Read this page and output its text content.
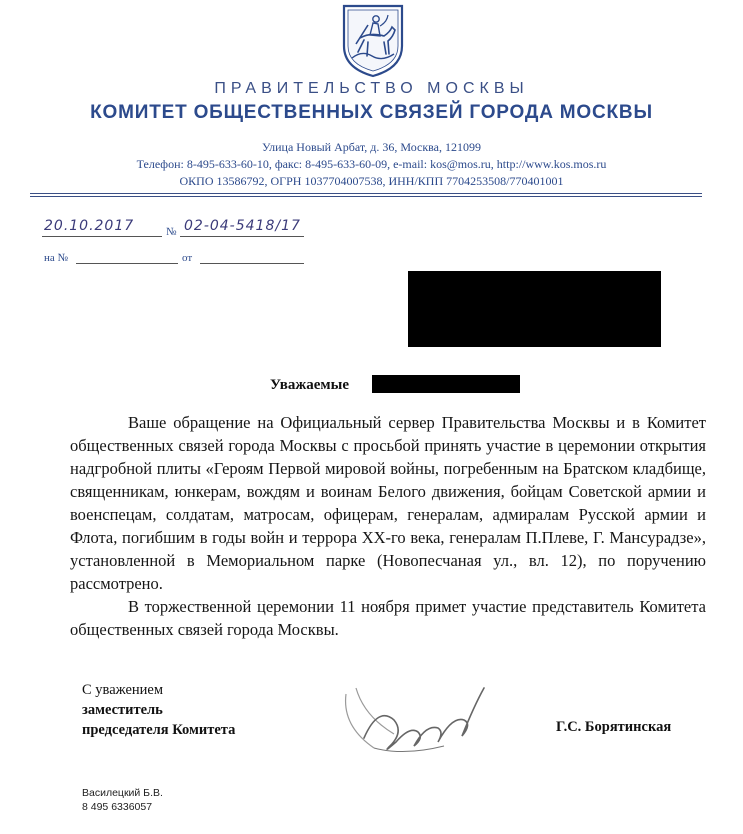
ПРАВИТЕЛЬСТВО МОСКВЫ
КОМИТЕТ ОБЩЕСТВЕННЫХ СВЯЗЕЙ ГОРОДА МОСКВЫ
Улица Новый Арбат, д. 36, Москва, 121099
Телефон: 8-495-633-60-10, факс: 8-495-633-60-09, e-mail: kos@mos.ru, http://www.kos.mos.ru
ОКПО 13586792, ОГРН 1037704007538, ИНН/КПП 7704253508/770401001
20.10.2017	№ 02-04-5418/17
на №	от
Уважаемые

Ваше обращение на Официальный сервер Правительства Москвы и в Комитет общественных связей города Москвы с просьбой принять участие в церемонии открытия надгробной плиты «Героям Первой мировой войны, погребенным на Братском кладбище, священникам, юнкерам, вождям и воинам Белого движения, бойцам Советской армии и военспецам, солдатам, матросам, офицерам, генералам, адмиралам Русской армии и Флота, погибшим в годы войн и террора ХХ-го века, генералам П.Плеве, Г. Мансурадзе», установленной в Мемориальном парке (Новопесчаная ул., вл. 12), по поручению рассмотрено.

В торжественной церемонии 11 ноября примет участие представитель Комитета общественных связей города Москвы.

С уважением
заместитель
председателя Комитета	Г.С. Борятинская
Василецкий Б.В.
8 495 6336057
